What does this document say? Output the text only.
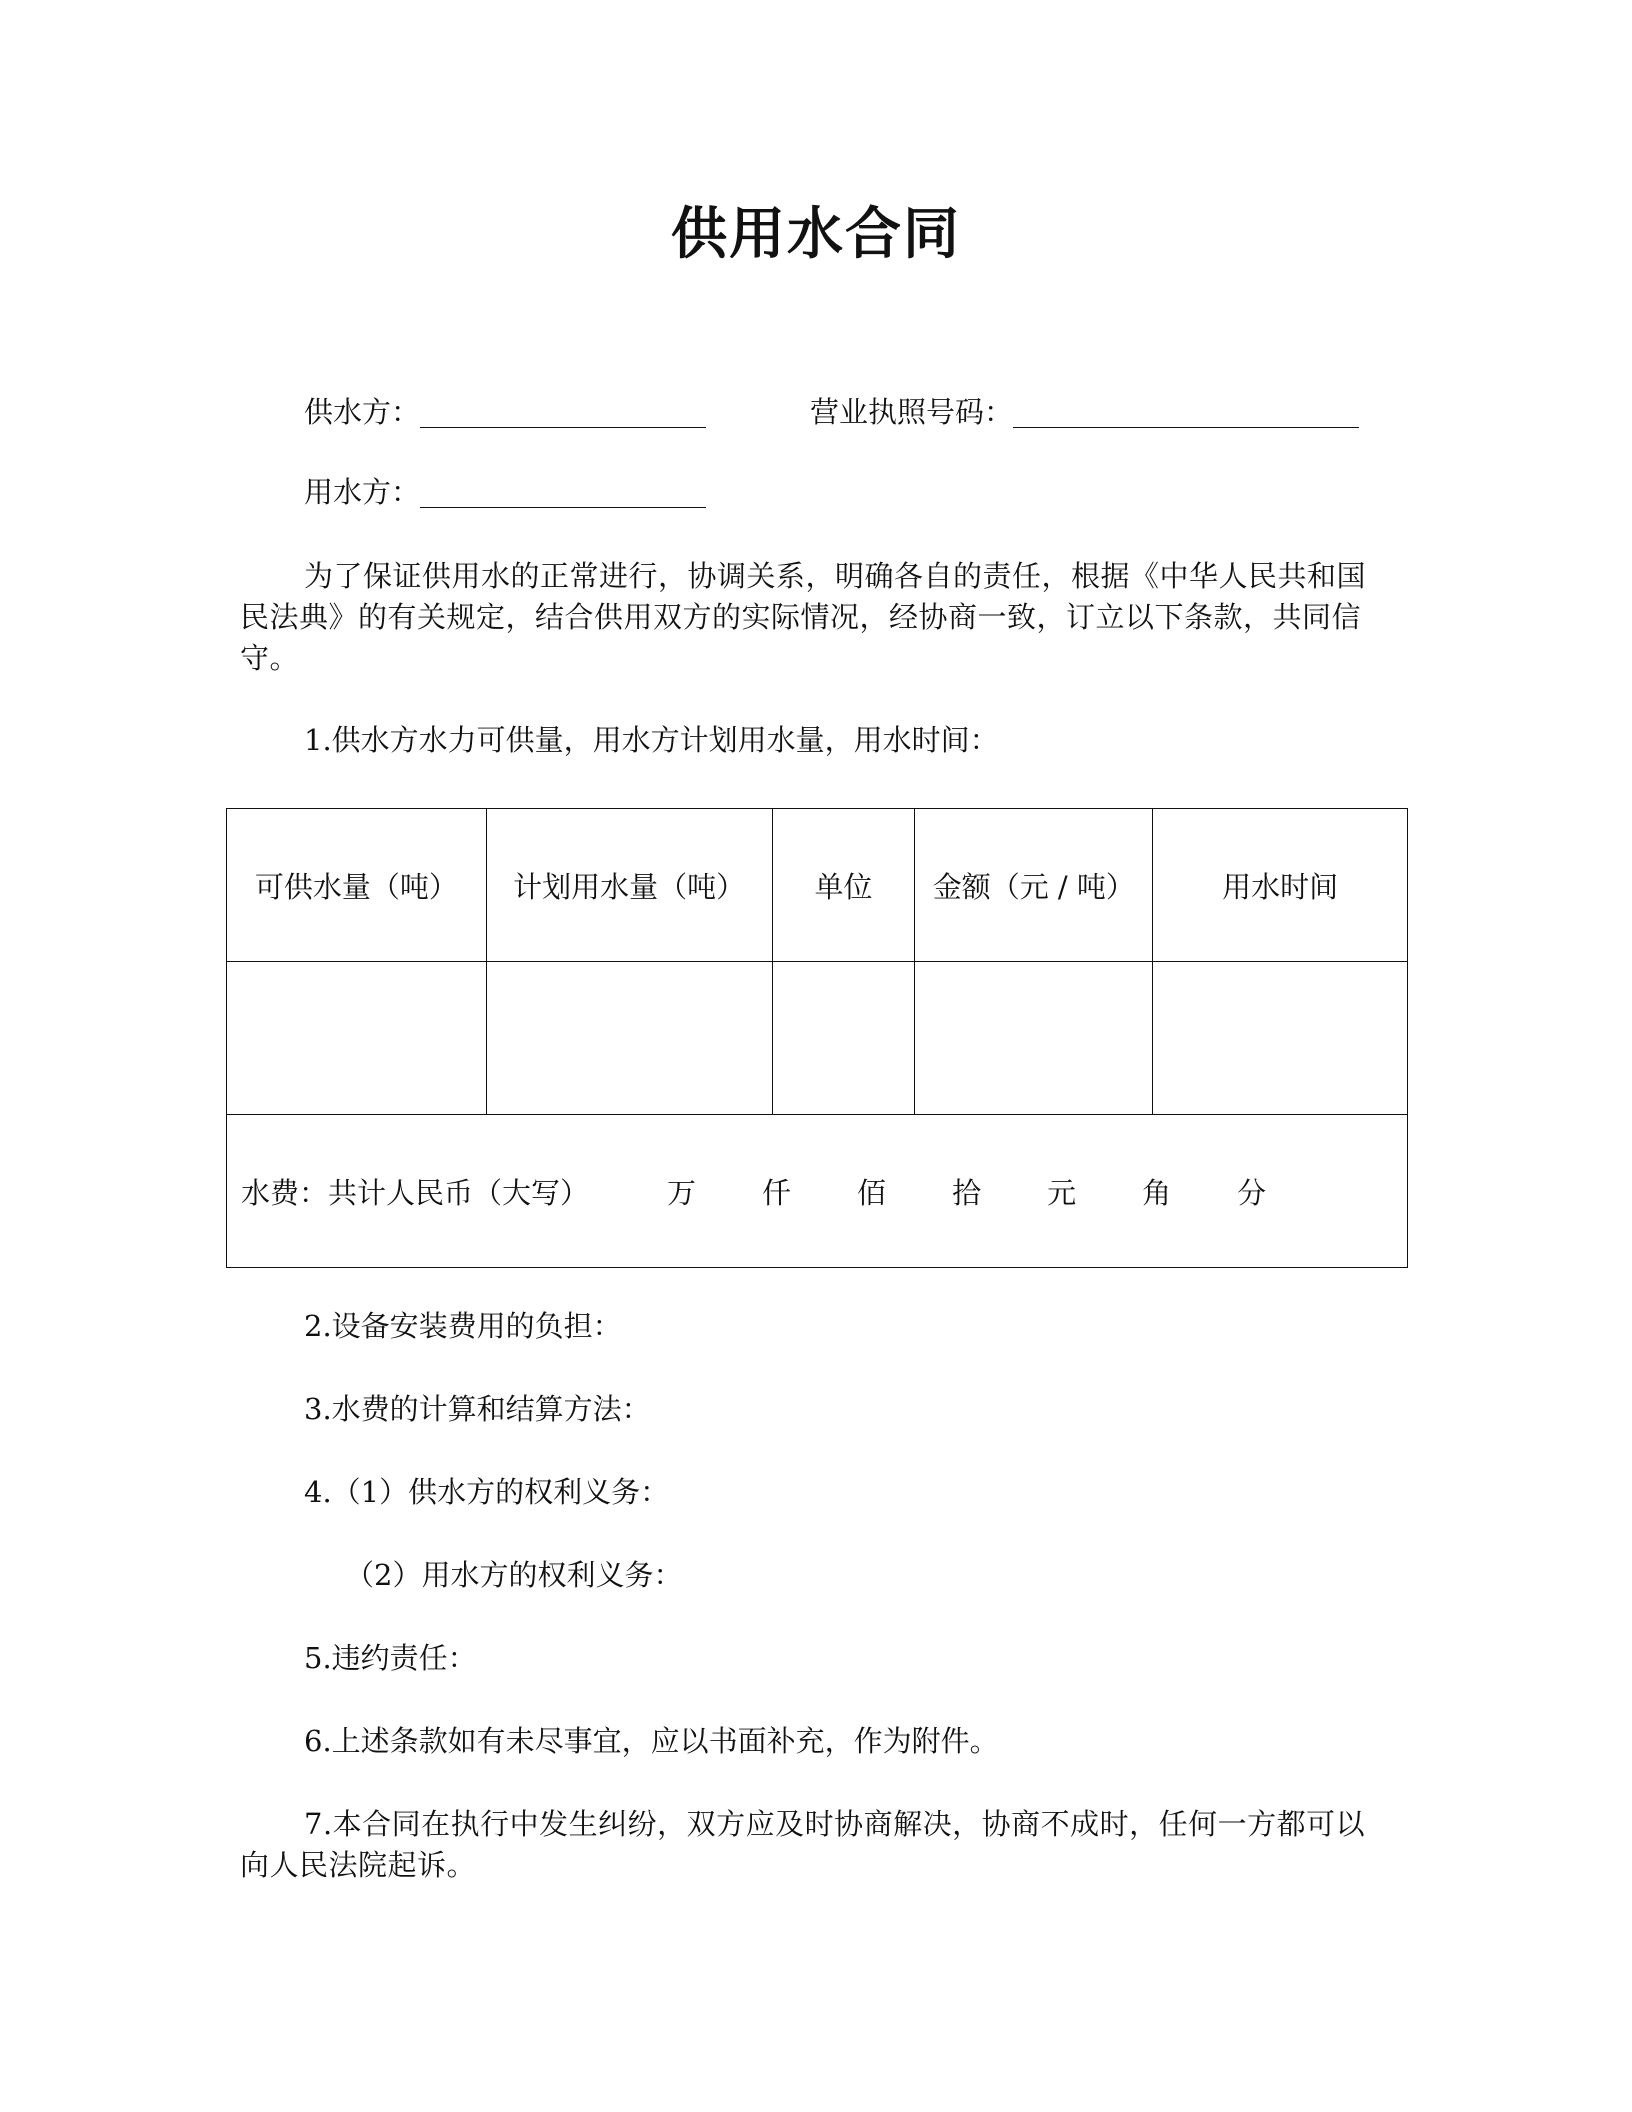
供用水合同
供水方：	营业执照号码：
用水方：
为了保证供用水的正常进行，协调关系，明确各自的责任，根据《中华人民共和国民法典》的有关规定，结合供用双方的实际情况，经协商一致，订立以下条款，共同信守。
1.供水方水力可供量，用水方计划用水量，用水时间：
可供水量（吨）	计划用水量（吨）	单位	金额（元 / 吨）	用水时间

水费：共计人民币（大写） 万 仟 佰 拾 元 角 分				
2.设备安装费用的负担：
3.水费的计算和结算方法：
4.（1）供水方的权利义务：
（2）用水方的权利义务：
5.违约责任：
6.上述条款如有未尽事宜，应以书面补充，作为附件。
7.本合同在执行中发生纠纷，双方应及时协商解决，协商不成时，任何一方都可以向人民法院起诉。
